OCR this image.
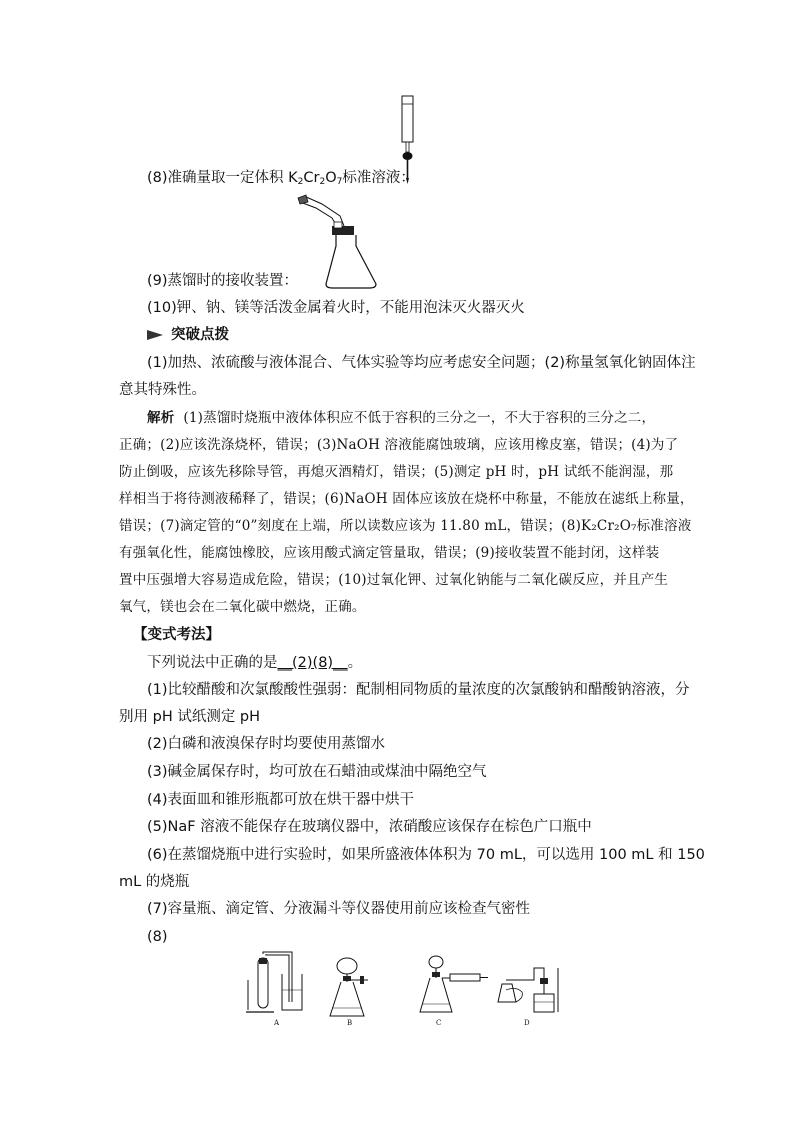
(8)准确量取一定体积 $K_2Cr_2O_7$标准溶液：
(9)蒸馏时的接收装置：
(10)钾、钠、镁等活泼金属着火时，不能用泡沫灭火器灭火
突破点拨
(1)加热、浓硫酸与液体混合、气体实验等均应考虑安全问题；(2)称量氢氧化钠固体注
意其特殊性。
解析 (1)蒸馏时烧瓶中液体体积应不低于容积的三分之一，不大于容积的三分之二，
正确；(2)应该洗涤烧杯，错误；(3)NaOH 溶液能腐蚀玻璃，应该用橡皮塞，错误；(4)为了
防止倒吸，应该先移除导管，再熄灭酒精灯，错误；(5)测定 pH 时，pH 试纸不能润湿，那
样相当于将待测液稀释了，错误；(6)NaOH 固体应该放在烧杯中称量，不能放在滤纸上称量，
错误；(7)滴定管的“0”刻度在上端，所以读数应该为 11.80 mL，错误；(8)K₂Cr₂O₇标准溶液
有强氧化性，能腐蚀橡胶，应该用酸式滴定管量取，错误；(9)接收装置不能封闭，这样装
置中压强增大容易造成危险，错误；(10)过氧化钾、过氧化钠能与二氧化碳反应，并且产生
氧气，镁也会在二氧化碳中燃烧，正确。
【变式考法】
下列说法中正确的是__(2)(8)__。
(1)比较醋酸和次氯酸酸性强弱：配制相同物质的量浓度的次氯酸钠和醋酸钠溶液，分
别用 pH 试纸测定 pH
(2)白磷和液溴保存时均要使用蒸馏水
(3)碱金属保存时，均可放在石蜡油或煤油中隔绝空气
(4)表面皿和锥形瓶都可放在烘干器中烘干
(5)NaF 溶液不能保存在玻璃仪器中，浓硝酸应该保存在棕色广口瓶中
(6)在蒸馏烧瓶中进行实验时，如果所盛液体体积为 70 mL，可以选用 100 mL 和 150
mL 的烧瓶
(7)容量瓶、滴定管、分液漏斗等仪器使用前应该检查气密性
(8)
A	B	C	D
